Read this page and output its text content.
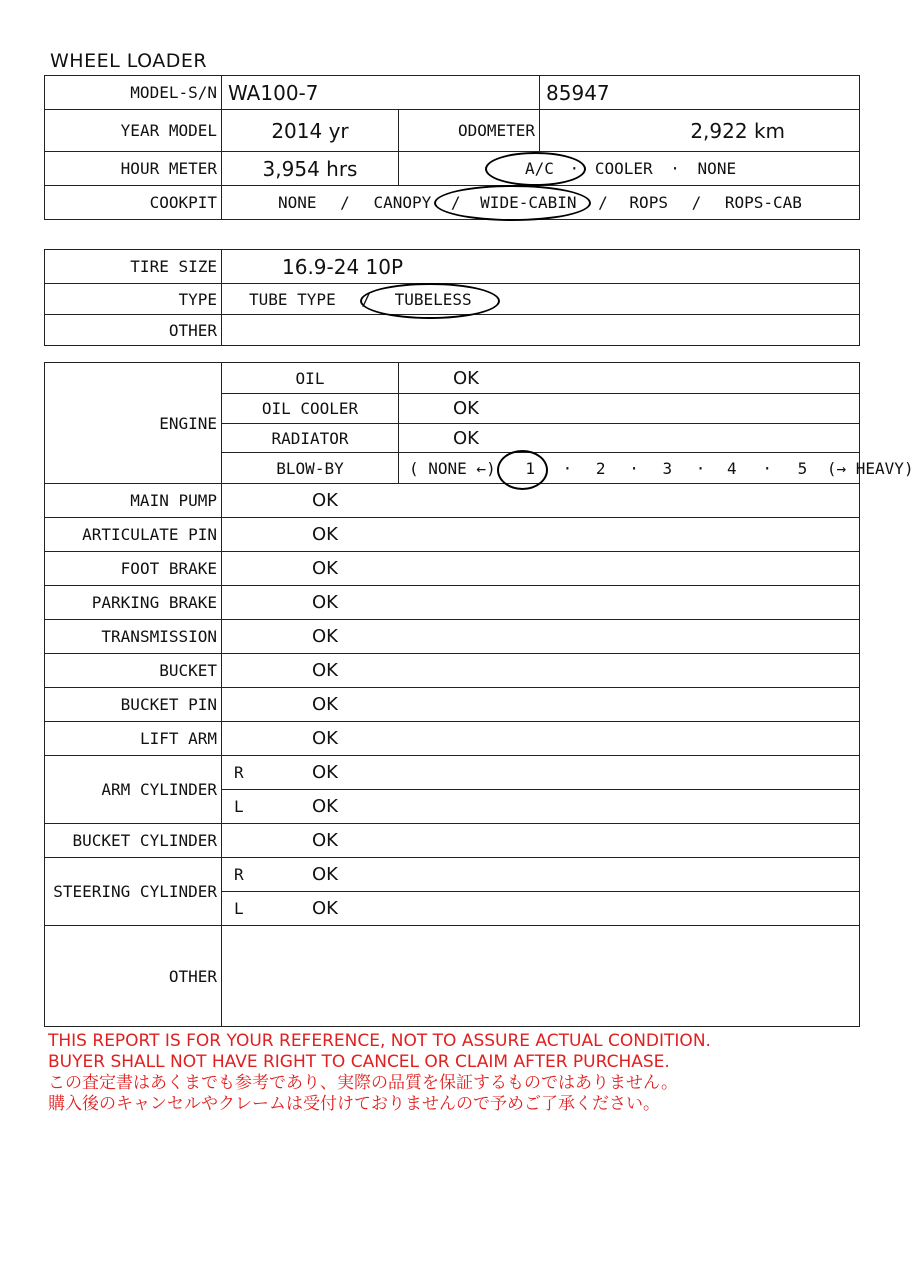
WHEEL LOADER
MODEL-S/N	WA100-7		85947
YEAR MODEL	2014 yr	ODOMETER	2,922 km
HOUR METER	3,954 hrs	A/C · COOLER · NONE	
COOKPIT	NONE / CANOPY / WIDE-CABIN / ROPS / ROPS-CAB		
TIRE SIZE	16.9-24 10P
TYPE	TUBE TYPE / TUBELESS
OTHER	
ENGINE	OIL	OK
	OIL COOLER	OK
	RADIATOR	OK
	BLOW-BY	( NONE ←) 1 · 2 · 3 · 4 · 5 (→ HEAVY)
MAIN PUMP	OK	
ARTICULATE PIN	OK	
FOOT BRAKE	OK	
PARKING BRAKE	OK	
TRANSMISSION	OK	
BUCKET	OK	
BUCKET PIN	OK	
LIFT ARM	OK	
ARM CYLINDER	R OK	
	L OK	
BUCKET CYLINDER	OK	
STEERING CYLINDER	R OK	
	L OK	
OTHER		
THIS REPORT IS FOR YOUR REFERENCE, NOT TO ASSURE ACTUAL CONDITION.
BUYER SHALL NOT HAVE RIGHT TO CANCEL OR CLAIM AFTER PURCHASE.
この査定書はあくまでも参考であり、実際の品質を保証するものではありません。
購入後のキャンセルやクレームは受付けておりませんので予めご了承ください。
